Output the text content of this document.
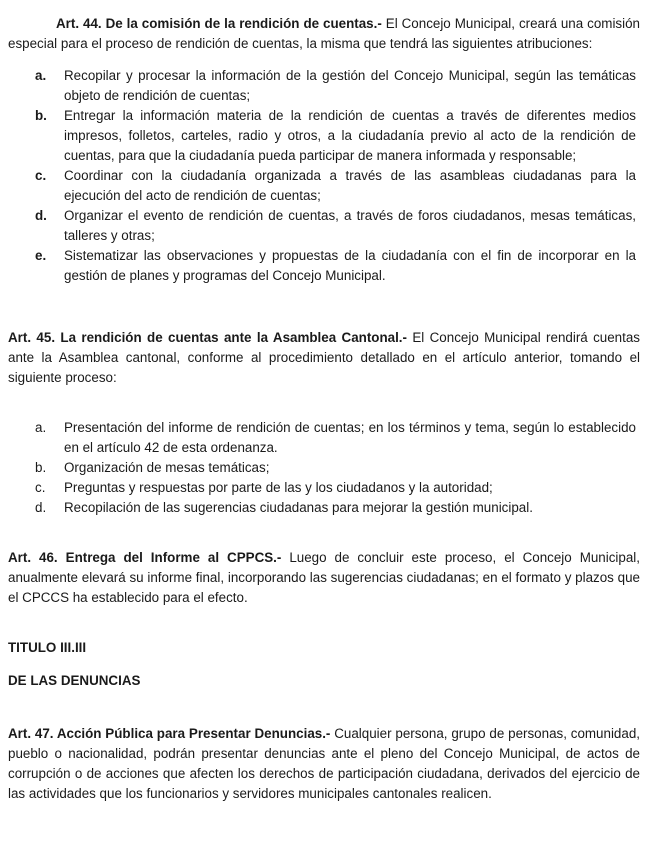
Art. 44. De la comisión de la rendición de cuentas.- El Concejo Municipal, creará una comisión especial para el proceso de rendición de cuentas, la misma que tendrá las siguientes atribuciones:

a. Recopilar y procesar la información de la gestión del Concejo Municipal, según las temáticas objeto de rendición de cuentas;
b. Entregar la información materia de la rendición de cuentas a través de diferentes medios impresos, folletos, carteles, radio y otros, a la ciudadanía previo al acto de la rendición de cuentas, para que la ciudadanía pueda participar de manera informada y responsable;
c. Coordinar con la ciudadanía organizada a través de las asambleas ciudadanas para la ejecución del acto de rendición de cuentas;
d. Organizar el evento de rendición de cuentas, a través de foros ciudadanos, mesas temáticas, talleres y otras;
e. Sistematizar las observaciones y propuestas de la ciudadanía con el fin de incorporar en la gestión de planes y programas del Concejo Municipal.

Art. 45. La rendición de cuentas ante la Asamblea Cantonal.- El Concejo Municipal rendirá cuentas ante la Asamblea cantonal, conforme al procedimiento detallado en el artículo anterior, tomando el siguiente proceso:

a. Presentación del informe de rendición de cuentas; en los términos y tema, según lo establecido en el artículo 42 de esta ordenanza.
b. Organización de mesas temáticas;
c. Preguntas y respuestas por parte de las y los ciudadanos y la autoridad;
d. Recopilación de las sugerencias ciudadanas para mejorar la gestión municipal.

Art. 46. Entrega del Informe al CPPCS.- Luego de concluir este proceso, el Concejo Municipal, anualmente elevará su informe final, incorporando las sugerencias ciudadanas; en el formato y plazos que el CPCCS ha establecido para el efecto.

TITULO III.III

DE LAS DENUNCIAS

Art. 47. Acción Pública para Presentar Denuncias.- Cualquier persona, grupo de personas, comunidad, pueblo o nacionalidad, podrán presentar denuncias ante el pleno del Concejo Municipal, de actos de corrupción o de acciones que afecten los derechos de participación ciudadana, derivados del ejercicio de las actividades que los funcionarios y servidores municipales cantonales realicen.
